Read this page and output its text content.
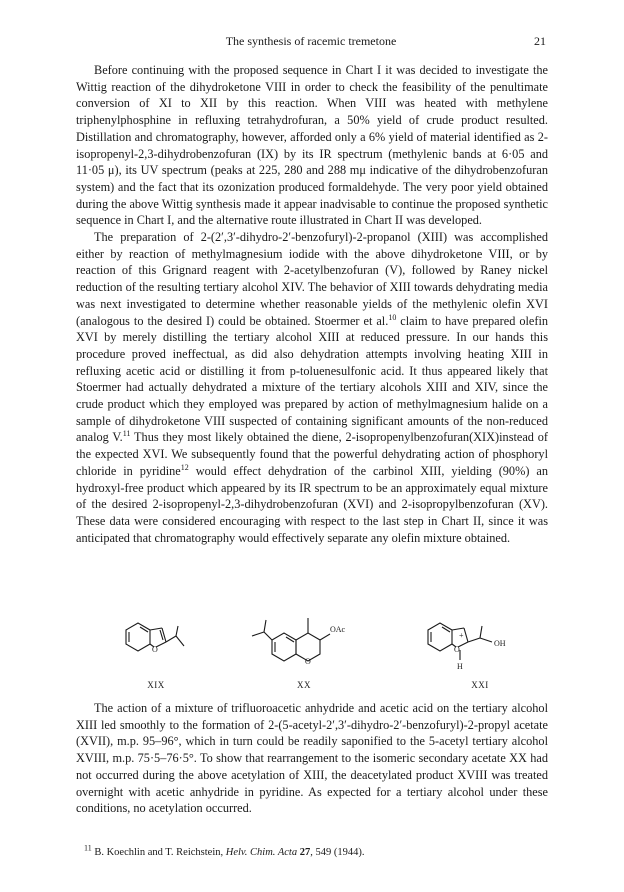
The synthesis of racemic tremetone	21

Before continuing with the proposed sequence in Chart I it was decided to investigate the Wittig reaction of the dihydroketone VIII in order to check the feasibility of the penultimate conversion of XI to XII by this reaction. When VIII was heated with methylene triphenylphosphine in refluxing tetrahydrofuran, a 50% yield of crude product resulted. Distillation and chromatography, however, afforded only a 6% yield of material identified as 2-isopropenyl-2,3-dihydrobenzofuran (IX) by its IR spectrum (methylenic bands at 6·05 and 11·05 μ), its UV spectrum (peaks at 225, 280 and 288 mμ indicative of the dihydrobenzofuran system) and the fact that its ozonization produced formaldehyde. The very poor yield obtained during the above Wittig synthesis made it appear inadvisable to continue the proposed synthetic sequence in Chart I, and the alternative route illustrated in Chart II was developed.

The preparation of 2-(2′,3′-dihydro-2′-benzofuryl)-2-propanol (XIII) was accomplished either by reaction of methylmagnesium iodide with the above dihydroketone VIII, or by reaction of this Grignard reagent with 2-acetylbenzofuran (V), followed by Raney nickel reduction of the resulting tertiary alcohol XIV. The behavior of XIII towards dehydrating media was next investigated to determine whether reasonable yields of the methylenic olefin XVI (analogous to the desired I) could be obtained. Stoermer et al.$^{10}$ claim to have prepared olefin XVI by merely distilling the tertiary alcohol XIII at reduced pressure. In our hands this procedure proved ineffectual, as did also dehydration attempts involving heating XIII in refluxing acetic acid or distilling it from p-toluenesulfonic acid. It thus appeared likely that Stoermer had actually dehydrated a mixture of the tertiary alcohols XIII and XIV, since the crude product which they employed was prepared by action of methylmagnesium halide on a sample of dihydroketone VIII suspected of containing significant amounts of the non-reduced analog V.$^{11}$ Thus they most likely obtained the diene, 2-isopropenylbenzofuran(XIX)instead of the expected XVI. We subsequently found that the powerful dehydrating action of phosphoryl chloride in pyridine$^{12}$ would effect dehydration of the carbinol XIII, yielding (90%) an hydroxyl-free product which appeared by its IR spectrum to be an approximately equal mixture of the desired 2-isopropenyl-2,3-dihydrobenzofuran (XVI) and 2-isopropylbenzofuran (XV). These data were considered encouraging with respect to the last step in Chart II, since it was anticipated that chromatography would effectively separate any olefin mixture obtained.

O
XIX
O
OAc
XX
O
+
H
OH
XXI

The action of a mixture of trifluoroacetic anhydride and acetic acid on the tertiary alcohol XIII led smoothly to the formation of 2-(5-acetyl-2′,3′-dihydro-2′-benzofuryl)-2-propyl acetate (XVII), m.p. 95–96°, which in turn could be readily saponified to the 5-acetyl tertiary alcohol XVIII, m.p. 75·5–76·5°. To show that rearrangement to the isomeric secondary acetate XX had not occurred during the above acetylation of XIII, the deacetylated product XVIII was treated overnight with acetic anhydride in pyridine. As expected for a tertiary alcohol under these conditions, no acetylation occurred.

$^{11}$ B. Koechlin and T. Reichstein, Helv. Chim. Acta 27, 549 (1944).
